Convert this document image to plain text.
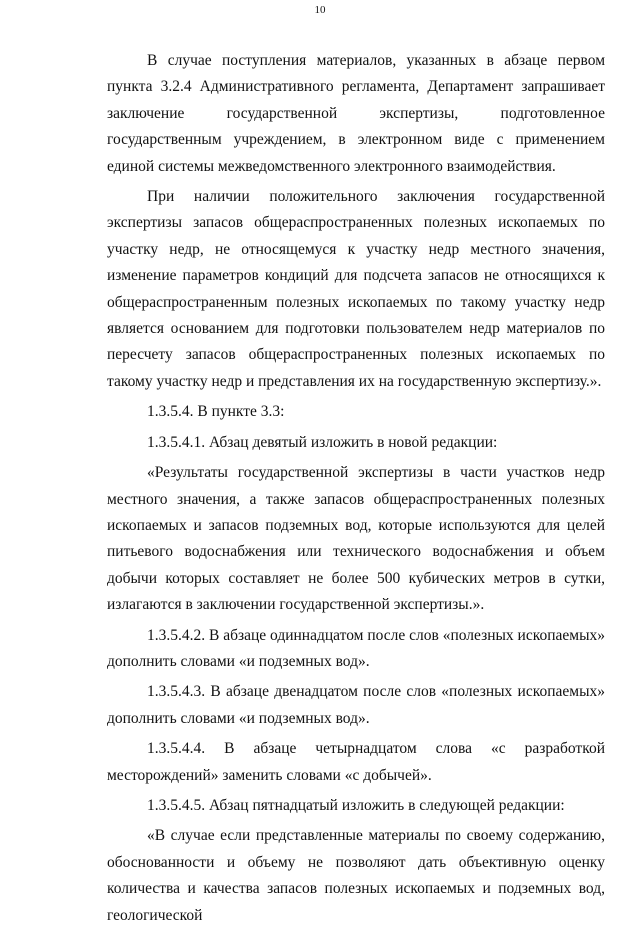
10

В случае поступления материалов, указанных в абзаце первом пункта 3.2.4 Административного регламента, Департамент запрашивает заключение государственной экспертизы, подготовленное государственным учреждением, в электронном виде с применением единой системы межведомственного электронного взаимодействия.

При наличии положительного заключения государственной экспертизы запасов общераспространенных полезных ископаемых по участку недр, не относящемуся к участку недр местного значения, изменение параметров кондиций для подсчета запасов не относящихся к общераспространенным полезных ископаемых по такому участку недр является основанием для подготовки пользователем недр материалов по пересчету запасов общераспространенных полезных ископаемых по такому участку недр и представления их на государственную экспертизу.».

1.3.5.4. В пункте 3.3:

1.3.5.4.1. Абзац девятый изложить в новой редакции:

«Результаты государственной экспертизы в части участков недр местного значения, а также запасов общераспространенных полезных ископаемых и запасов подземных вод, которые используются для целей питьевого водоснабжения или технического водоснабжения и объем добычи которых составляет не более 500 кубических метров в сутки, излагаются в заключении государственной экспертизы.».

1.3.5.4.2. В абзаце одиннадцатом после слов «полезных ископаемых» дополнить словами «и подземных вод».

1.3.5.4.3. В абзаце двенадцатом после слов «полезных ископаемых» дополнить словами «и подземных вод».

1.3.5.4.4. В абзаце четырнадцатом слова «с разработкой месторождений» заменить словами «с добычей».

1.3.5.4.5. Абзац пятнадцатый изложить в следующей редакции:

«В случае если представленные материалы по своему содержанию, обоснованности и объему не позволяют дать объективную оценку количества и качества запасов полезных ископаемых и подземных вод, геологической
